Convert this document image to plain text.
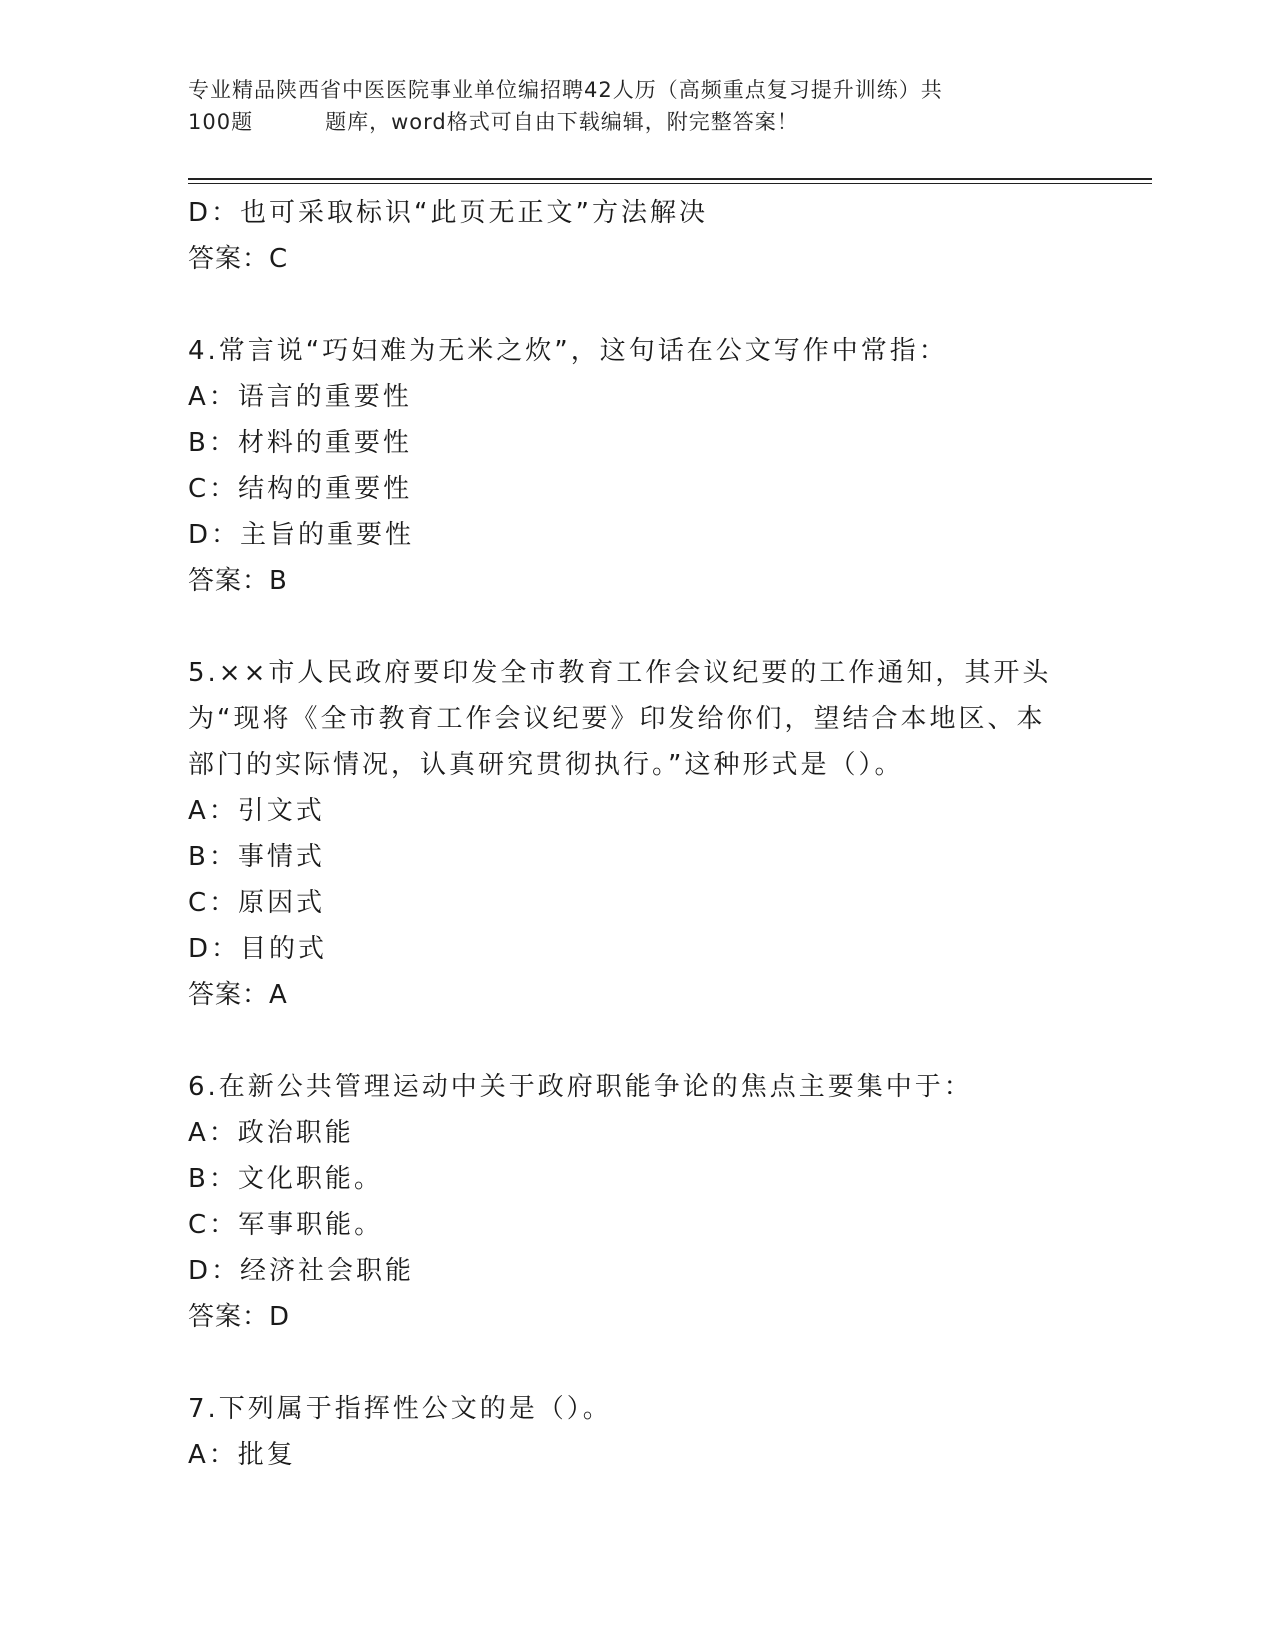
专业精品陕西省中医医院事业单位编招聘42人历（高频重点复习提升训练）共
100题	题库，word格式可自由下载编辑，附完整答案！
D：也可采取标识“此页无正文”方法解决
答案：C
4.常言说“巧妇难为无米之炊”，这句话在公文写作中常指：
A：语言的重要性
B：材料的重要性
C：结构的重要性
D：主旨的重要性
答案：B
5.××市人民政府要印发全市教育工作会议纪要的工作通知，其开头
为“现将《全市教育工作会议纪要》印发给你们，望结合本地区、本
部门的实际情况，认真研究贯彻执行。”这种形式是（）。
A：引文式
B：事情式
C：原因式
D：目的式
答案：A
6.在新公共管理运动中关于政府职能争论的焦点主要集中于：
A：政治职能
B：文化职能。
C：军事职能。
D：经济社会职能
答案：D
7.下列属于指挥性公文的是（）。
A：批复
